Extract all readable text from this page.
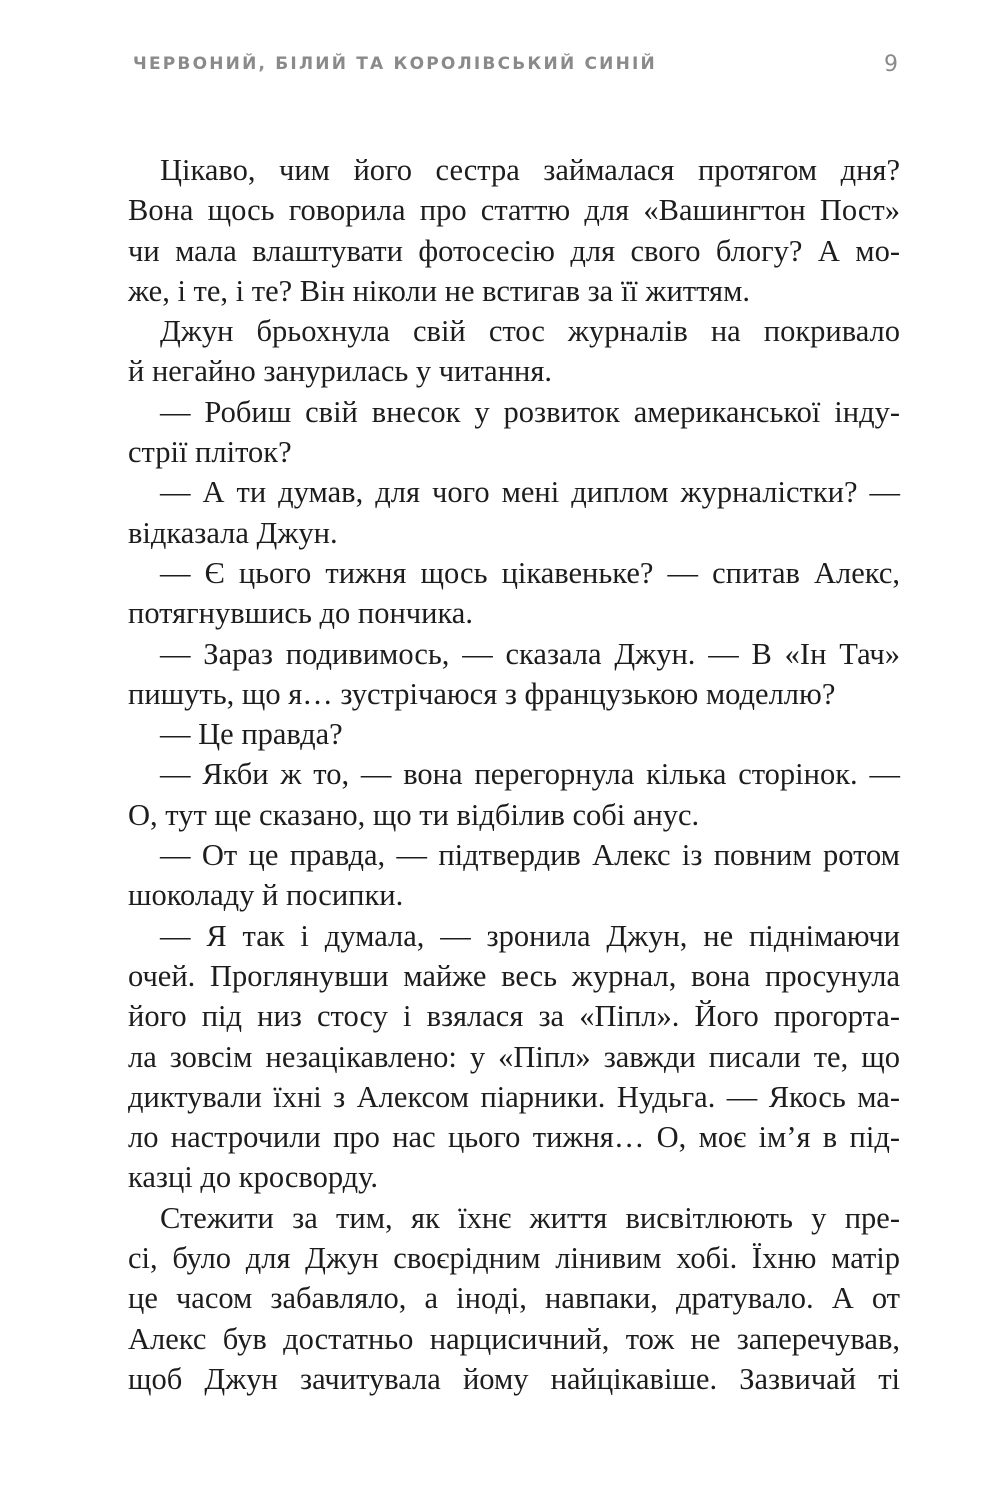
ЧЕРВОНИЙ, БІЛИЙ ТА КОРОЛІВСЬКИЙ СИНІЙ	9
Цікаво, чим його сестра займалася протягом дня?
Вона щось говорила про статтю для «Вашингтон Пост»
чи мала влаштувати фотосесію для свого блогу? А мо-
же, і те, і те? Він ніколи не встигав за її життям.
Джун брьохнула свій стос журналів на покривало
й негайно занурилась у читання.
— Робиш свій внесок у розвиток американської інду-
стрії пліток?
— А ти думав, для чого мені диплом журналістки? —
відказала Джун.
— Є цього тижня щось цікавеньке? — спитав Алекс,
потягнувшись до пончика.
— Зараз подивимось, — сказала Джун. — В «Ін Тач»
пишуть, що я… зустрічаюся з французькою моделлю?
— Це правда?
— Якби ж то, — вона перегорнула кілька сторінок. —
О, тут ще сказано, що ти відбілив собі анус.
— От це правда, — підтвердив Алекс із повним ротом
шоколаду й посипки.
— Я так і думала, — зронила Джун, не піднімаючи
очей. Проглянувши майже весь журнал, вона просунула
його під низ стосу і взялася за «Піпл». Його прогорта-
ла зовсім незацікавлено: у «Піпл» завжди писали те, що
диктували їхні з Алексом піарники. Нудьга. — Якось ма-
ло настрочили про нас цього тижня… О, моє ім’я в під-
казці до кросворду.
Стежити за тим, як їхнє життя висвітлюють у пре-
сі, було для Джун своєрідним лінивим хобі. Їхню матір
це часом забавляло, а іноді, навпаки, дратувало. А от
Алекс був достатньо нарцисичний, тож не заперечував,
щоб Джун зачитувала йому найцікавіше. Зазвичай ті
